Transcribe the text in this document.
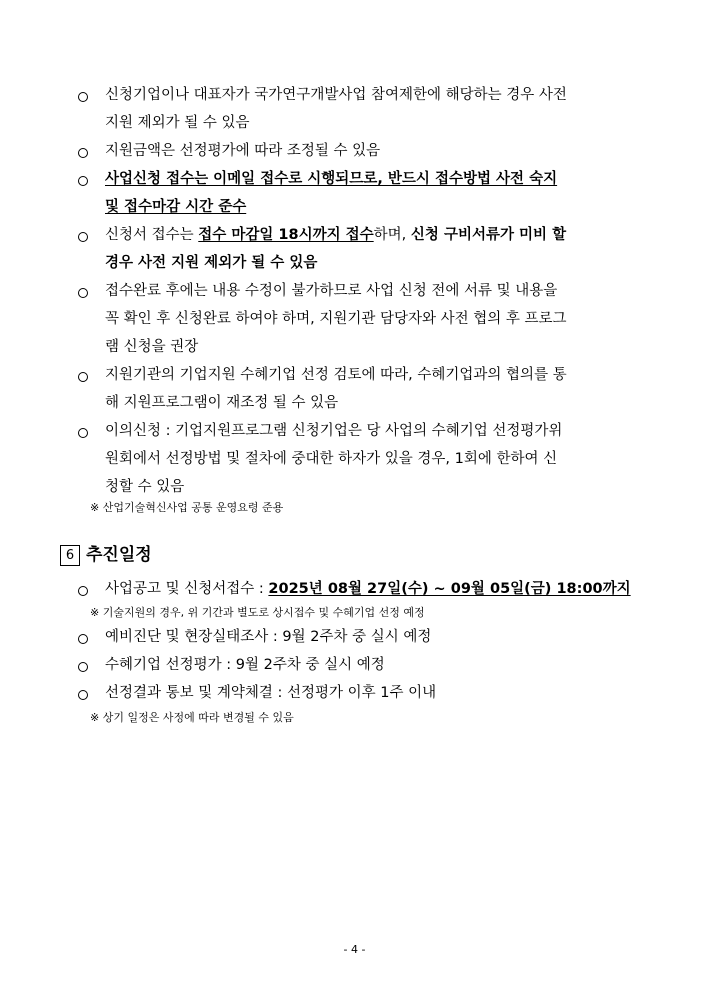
신청기업이나 대표자가 국가연구개발사업 참여제한에 해당하는 경우 사전
지원 제외가 될 수 있음
지원금액은 선정평가에 따라 조정될 수 있음
사업신청 접수는 이메일 접수로 시행되므로, 반드시 접수방법 사전 숙지
및 접수마감 시간 준수
신청서 접수는 접수 마감일 18시까지 접수하며, 신청 구비서류가 미비 할
경우 사전 지원 제외가 될 수 있음
접수완료 후에는 내용 수정이 불가하므로 사업 신청 전에 서류 및 내용을
꼭 확인 후 신청완료 하여야 하며, 지원기관 담당자와 사전 협의 후 프로그
램 신청을 권장
지원기관의 기업지원 수혜기업 선정 검토에 따라, 수혜기업과의 협의를 통
해 지원프로그램이 재조정 될 수 있음
이의신청 : 기업지원프로그램 신청기업은 당 사업의 수혜기업 선정평가위
원회에서 선정방법 및 절차에 중대한 하자가 있을 경우, 1회에 한하여 신
청할 수 있음
※ 산업기술혁신사업 공통 운영요령 준용
6 추진일정
사업공고 및 신청서접수 : 2025년 08월 27일(수) ~ 09월 05일(금) 18:00까지
※ 기술지원의 경우, 위 기간과 별도로 상시접수 및 수혜기업 선정 예정
예비진단 및 현장실태조사 : 9월 2주차 중 실시 예정
수혜기업 선정평가 : 9월 2주차 중 실시 예정
선정결과 통보 및 계약체결 : 선정평가 이후 1주 이내
※ 상기 일정은 사정에 따라 변경될 수 있음
- 4 -
